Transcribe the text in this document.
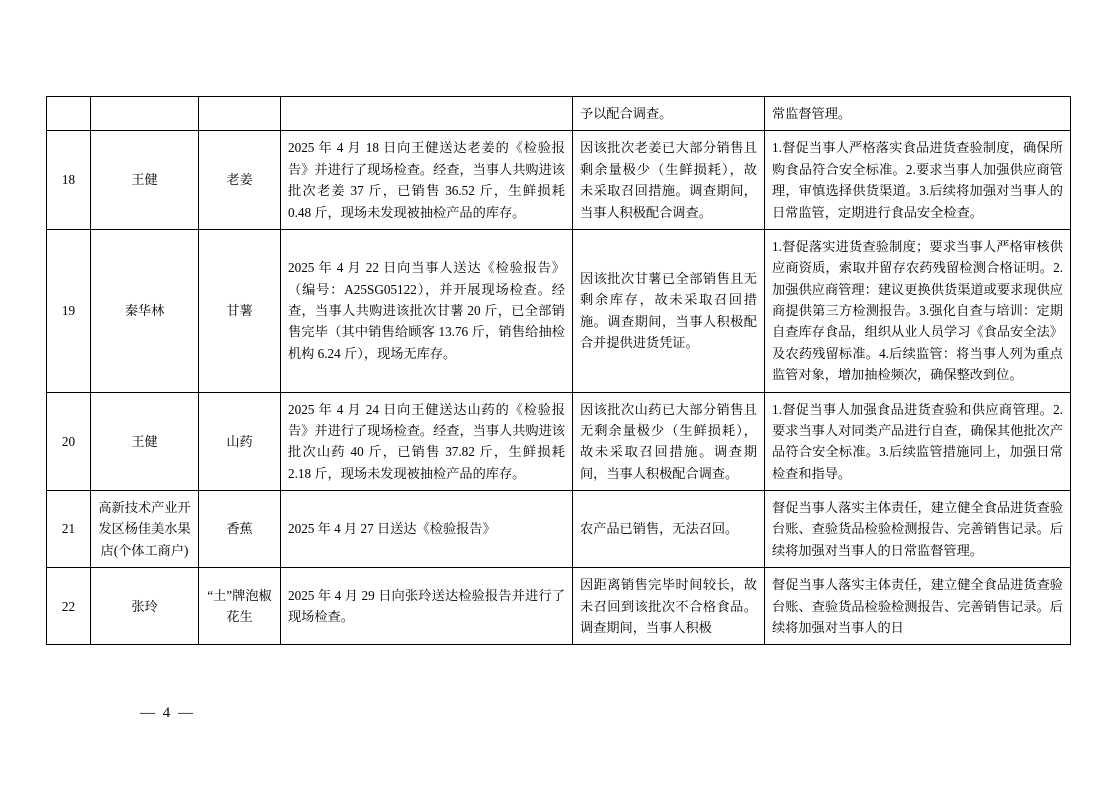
				予以配合调查。	常监督管理。
18	王健	老姜	2025 年 4 月 18 日向王健送达老姜的《检验报告》并进行了现场检查。经查，当事人共购进该批次老姜 37 斤，已销售 36.52 斤，生鲜损耗 0.48 斤，现场未发现被抽检产品的库存。	因该批次老姜已大部分销售且剩余量极少（生鲜损耗），故未采取召回措施。调查期间，当事人积极配合调查。	1.督促当事人严格落实食品进货查验制度，确保所购食品符合安全标准。2.要求当事人加强供应商管理，审慎选择供货渠道。3.后续将加强对当事人的日常监管，定期进行食品安全检查。
19	秦华林	甘薯	2025 年 4 月 22 日向当事人送达《检验报告》（编号：A25SG05122），并开展现场检查。经查，当事人共购进该批次甘薯 20 斤，已全部销售完毕（其中销售给顾客 13.76 斤，销售给抽检机构 6.24 斤），现场无库存。	因该批次甘薯已全部销售且无剩余库存，故未采取召回措施。调查期间，当事人积极配合并提供进货凭证。	1.督促落实进货查验制度；要求当事人严格审核供应商资质，索取并留存农药残留检测合格证明。2.加强供应商管理：建议更换供货渠道或要求现供应商提供第三方检测报告。3.强化自查与培训：定期自查库存食品，组织从业人员学习《食品安全法》及农药残留标准。4.后续监管：将当事人列为重点监管对象，增加抽检频次，确保整改到位。
20	王健	山药	2025 年 4 月 24 日向王健送达山药的《检验报告》并进行了现场检查。经查，当事人共购进该批次山药 40 斤，已销售 37.82 斤，生鲜损耗 2.18 斤，现场未发现被抽检产品的库存。	因该批次山药已大部分销售且无剩余量极少（生鲜损耗），故未采取召回措施。调查期间，当事人积极配合调查。	1.督促当事人加强食品进货查验和供应商管理。2.要求当事人对同类产品进行自查，确保其他批次产品符合安全标准。3.后续监管措施同上，加强日常检查和指导。
21	高新技术产业开发区杨佳美水果店(个体工商户)	香蕉	2025 年 4 月 27 日送达《检验报告》	农产品已销售，无法召回。	督促当事人落实主体责任，建立健全食品进货查验台账、查验货品检验检测报告、完善销售记录。后续将加强对当事人的日常监督管理。
22	张玲	“土”牌泡椒花生	2025 年 4 月 29 日向张玲送达检验报告并进行了现场检查。	因距离销售完毕时间较长，故未召回到该批次不合格食品。调查期间，当事人积极	督促当事人落实主体责任，建立健全食品进货查验台账、查验货品检验检测报告、完善销售记录。后续将加强对当事人的日
— 4 —
